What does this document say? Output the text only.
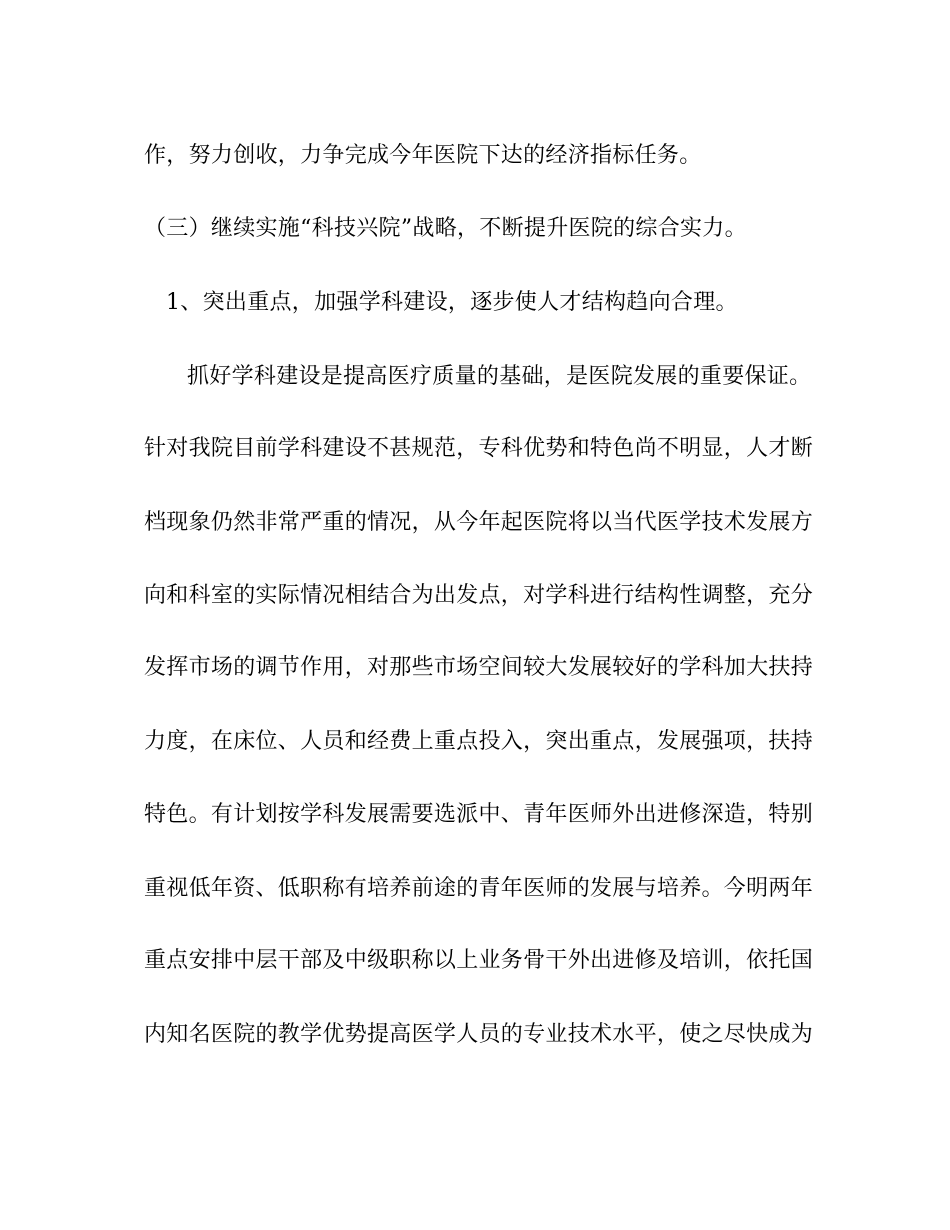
作，努力创收，力争完成今年医院下达的经济指标任务。
（三）继续实施“科技兴院”战略，不断提升医院的综合实力。
1、突出重点，加强学科建设，逐步使人才结构趋向合理。
抓好学科建设是提高医疗质量的基础，是医院发展的重要保证。
针对我院目前学科建设不甚规范，专科优势和特色尚不明显，人才断
档现象仍然非常严重的情况，从今年起医院将以当代医学技术发展方
向和科室的实际情况相结合为出发点，对学科进行结构性调整，充分
发挥市场的调节作用，对那些市场空间较大发展较好的学科加大扶持
力度，在床位、人员和经费上重点投入，突出重点，发展强项，扶持
特色。有计划按学科发展需要选派中、青年医师外出进修深造，特别
重视低年资、低职称有培养前途的青年医师的发展与培养。今明两年
重点安排中层干部及中级职称以上业务骨干外出进修及培训，依托国
内知名医院的教学优势提高医学人员的专业技术水平，使之尽快成为
